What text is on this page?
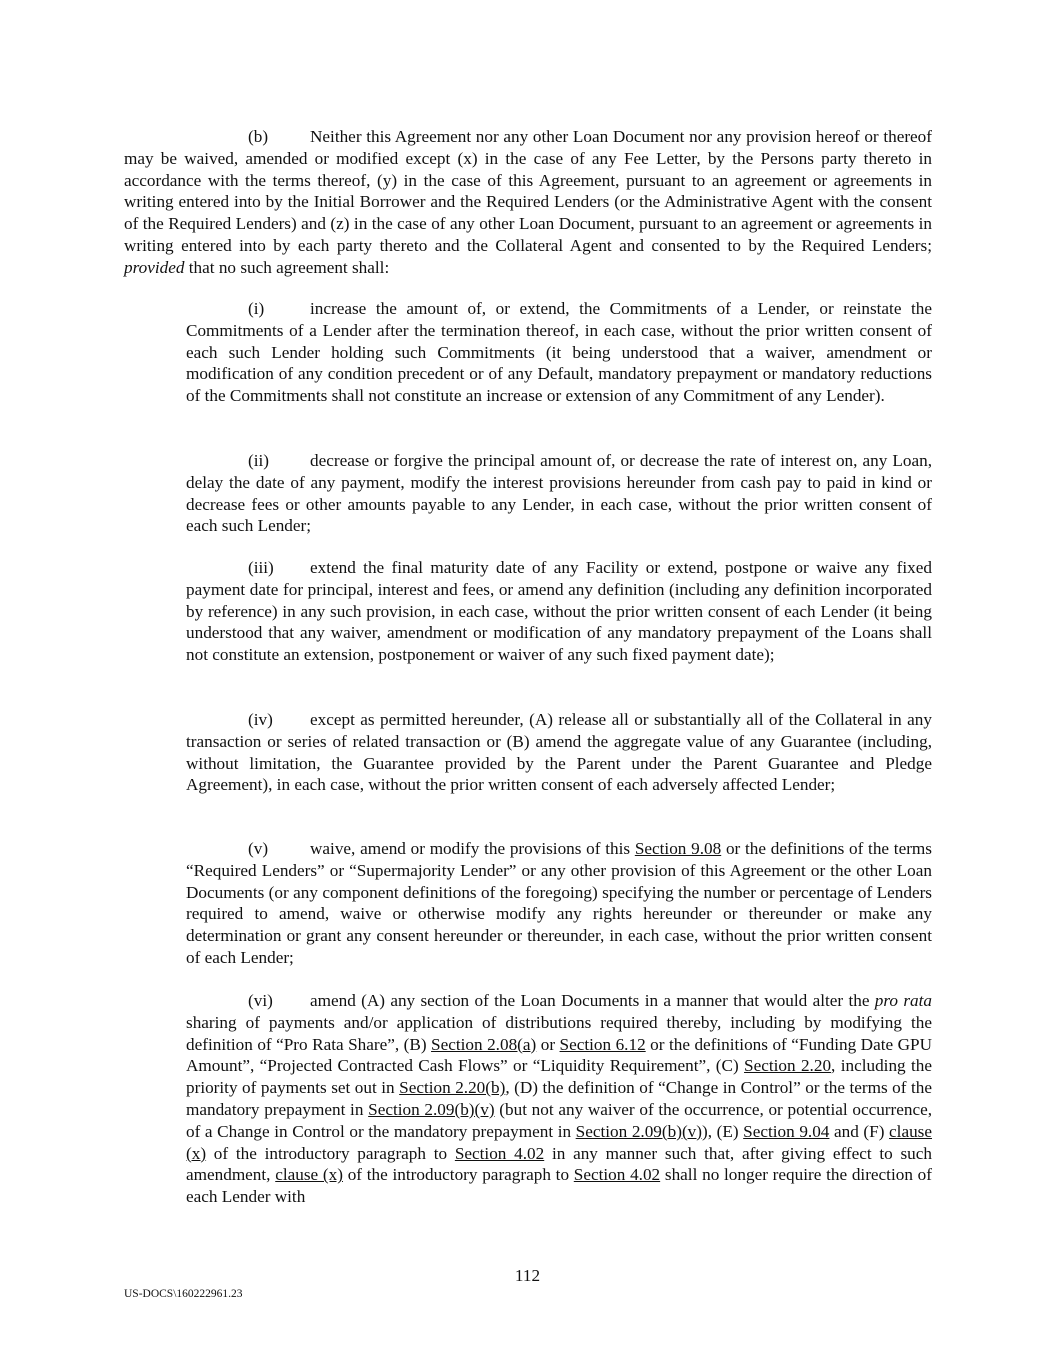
(b) Neither this Agreement nor any other Loan Document nor any provision hereof or thereof may be waived, amended or modified except (x) in the case of any Fee Letter, by the Persons party thereto in accordance with the terms thereof, (y) in the case of this Agreement, pursuant to an agreement or agreements in writing entered into by the Initial Borrower and the Required Lenders (or the Administrative Agent with the consent of the Required Lenders) and (z) in the case of any other Loan Document, pursuant to an agreement or agreements in writing entered into by each party thereto and the Collateral Agent and consented to by the Required Lenders; provided that no such agreement shall:

(i)	increase the amount of, or extend, the Commitments of a Lender, or reinstate the Commitments of a Lender after the termination thereof, in each case, without the prior written consent of each such Lender holding such Commitments (it being understood that a waiver, amendment or modification of any condition precedent or of any Default, mandatory prepayment or mandatory reductions of the Commitments shall not constitute an increase or extension of any Commitment of any Lender).

(ii) decrease or forgive the principal amount of, or decrease the rate of interest on, any Loan, delay the date of any payment, modify the interest provisions hereunder from cash pay to paid in kind or decrease fees or other amounts payable to any Lender, in each case, without the prior written consent of each such Lender;

(iii) extend the final maturity date of any Facility or extend, postpone or waive any fixed payment date for principal, interest and fees, or amend any definition (including any definition incorporated by reference) in any such provision, in each case, without the prior written consent of each Lender (it being understood that any waiver, amendment or modification of any mandatory prepayment of the Loans shall not constitute an extension, postponement or waiver of any such fixed payment date);

(iv) except as permitted hereunder, (A) release all or substantially all of the Collateral in any transaction or series of related transaction or (B) amend the aggregate value of any Guarantee (including, without limitation, the Guarantee provided by the Parent under the Parent Guarantee and Pledge Agreement), in each case, without the prior written consent of each adversely affected Lender;

(v) waive, amend or modify the provisions of this Section 9.08 or the definitions of the terms “Required Lenders” or “Supermajority Lender” or any other provision of this Agreement or the other Loan Documents (or any component definitions of the foregoing) specifying the number or percentage of Lenders required to amend, waive or otherwise modify any rights hereunder or thereunder or make any determination or grant any consent hereunder or thereunder, in each case, without the prior written consent of each Lender;

(vi) amend (A) any section of the Loan Documents in a manner that would alter the pro rata sharing of payments and/or application of distributions required thereby, including by modifying the definition of “Pro Rata Share”, (B) Section 2.08(a) or Section 6.12 or the definitions of “Funding Date GPU Amount”, “Projected Contracted Cash Flows” or “Liquidity Requirement”, (C) Section 2.20, including the priority of payments set out in Section 2.20(b), (D) the definition of “Change in Control” or the terms of the mandatory prepayment in Section 2.09(b)(v) (but not any waiver of the occurrence, or potential occurrence, of a Change in Control or the mandatory prepayment in Section 2.09(b)(v)), (E) Section 9.04 and (F) clause (x) of the introductory paragraph to Section 4.02 in any manner such that, after giving effect to such amendment, clause (x) of the introductory paragraph to Section 4.02 shall no longer require the direction of each Lender with

112

US-DOCS\160222961.23
